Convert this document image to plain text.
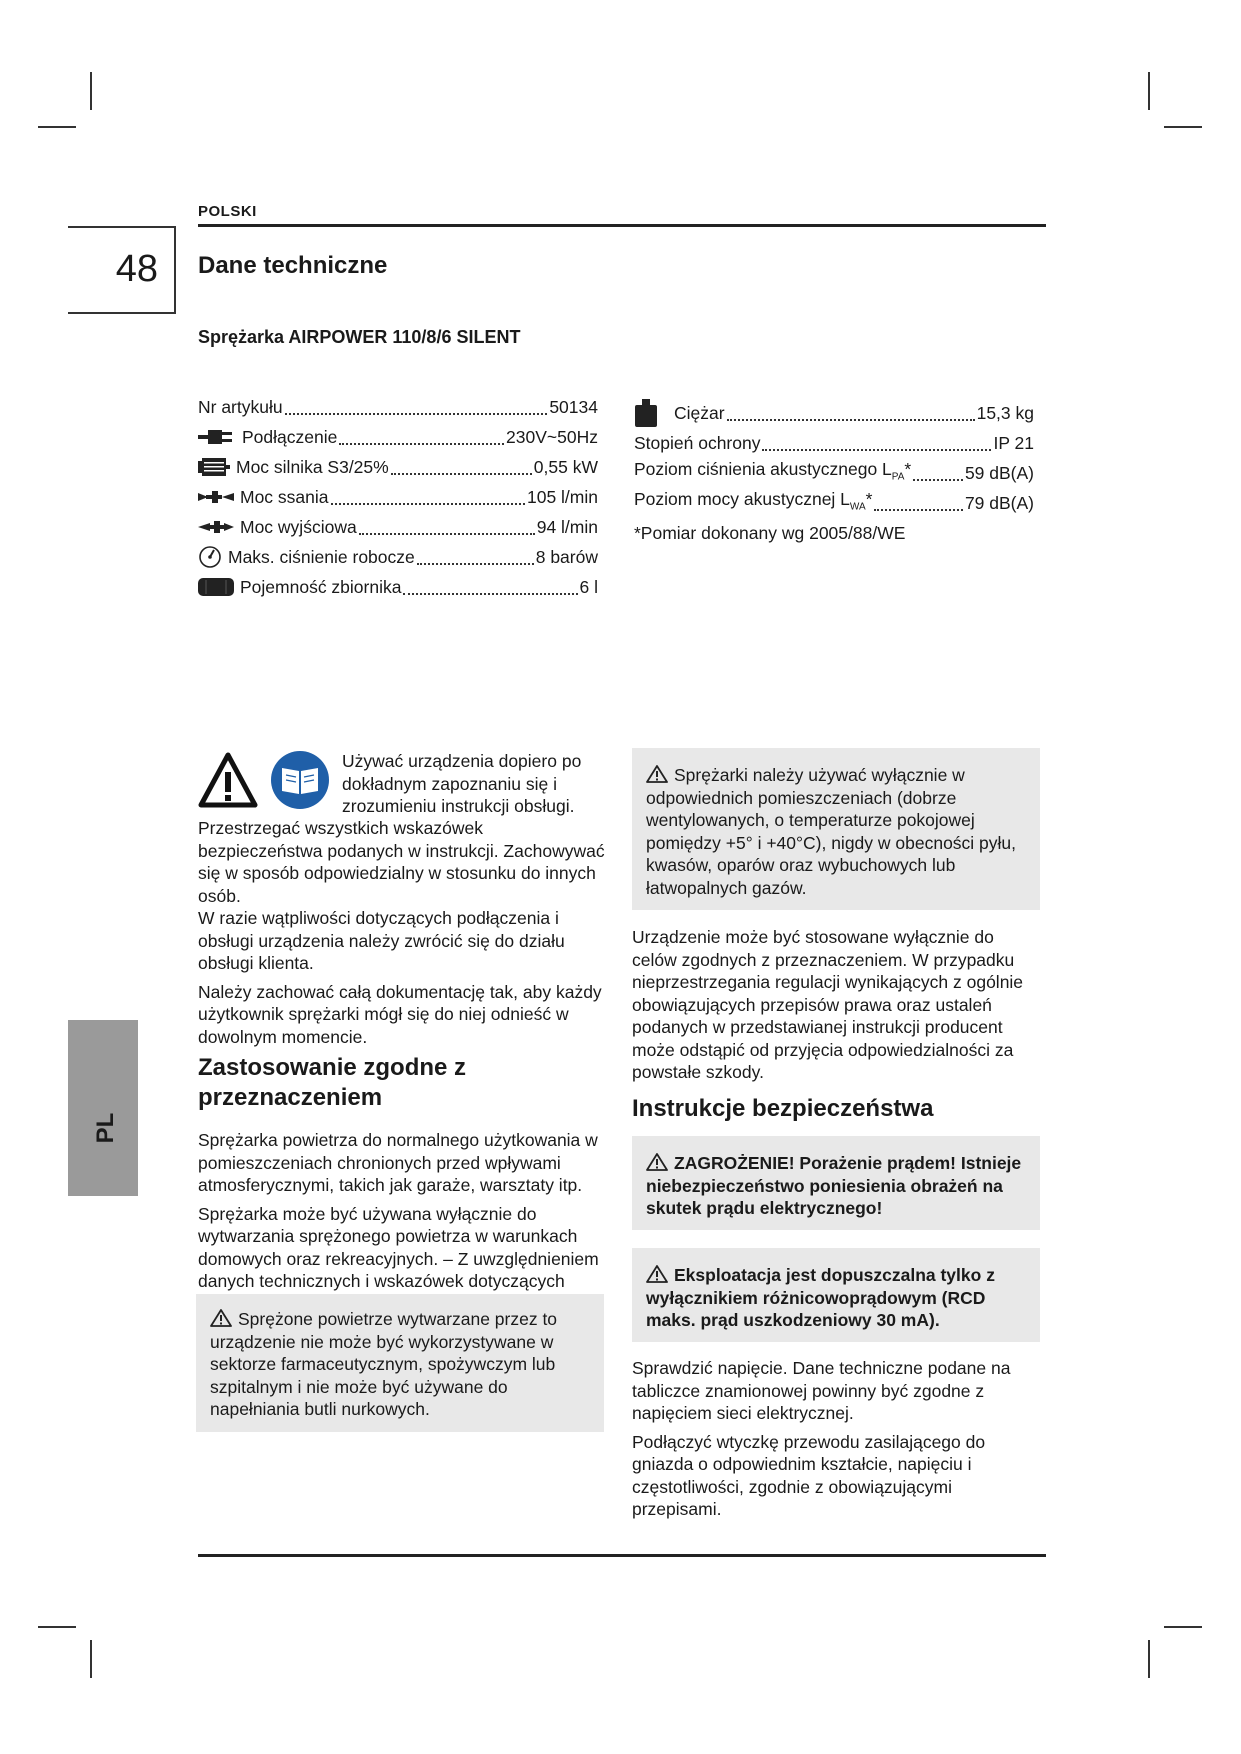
POLSKI
48 Dane techniczne
Sprężarka AIRPOWER 110/8/6 SILENT
Nr artykułu	50134
Podłączenie	230V~50Hz
Moc silnika S3/25%	0,55 kW
Moc ssania	105 l/min
Moc wyjściowa	94 l/min
Maks. ciśnienie robocze	8 barów
Pojemność zbiornika	6 l
Ciężar	15,3 kg
Stopień ochrony	IP 21
Poziom ciśnienia akustycznego $L_{PA}*$	59 dB(A)
Poziom mocy akustycznej $L_{WA}*$	79 dB(A)
*Pomiar dokonany wg 2005/88/WE
Używać urządzenia dopiero po dokładnym zapoznaniu się i zrozumieniu instrukcji obsługi.

Przestrzegać wszystkich wskazówek bezpieczeństwa podanych w instrukcji. Zachowywać się w sposób odpowiedzialny w stosunku do innych osób.

W razie wątpliwości dotyczących podłączenia i obsługi urządzenia należy zwrócić się do działu obsługi klienta.

Należy zachować całą dokumentację tak, aby każdy użytkownik sprężarki mógł się do niej odnieść w dowolnym momencie.

Zastosowanie zgodne z przeznaczeniem

Sprężarka powietrza do normalnego użytkowania w pomieszczeniach chronionych przed wpływami atmosferycznymi, takich jak garaże, warsztaty itp.

Sprężarka może być używana wyłącznie do wytwarzania sprężonego powietrza w warunkach domowych oraz rekreacyjnych. – Z uwzględnieniem danych technicznych i wskazówek dotyczących

Sprężone powietrze wytwarzane przez to urządzenie nie może być wykorzystywane w sektorze farmaceutycznym, spożywczym lub szpitalnym i nie może być używane do napełniania butli nurkowych.
Sprężarki należy używać wyłącznie w odpowiednich pomieszczeniach (dobrze wentylowanych, o temperaturze pokojowej pomiędzy +5° i +40°C), nigdy w obecności pyłu, kwasów, oparów oraz wybuchowych lub łatwopalnych gazów.
Urządzenie może być stosowane wyłącznie do celów zgodnych z przeznaczeniem. W przypadku nieprzestrzegania regulacji wynikających z ogólnie obowiązujących przepisów prawa oraz ustaleń podanych w przedstawianej instrukcji producent może odstąpić od przyjęcia odpowiedzialności za powstałe szkody.
Instrukcje bezpieczeństwa
ZAGROŻENIE! Porażenie prądem! Istnieje niebezpieczeństwo poniesienia obrażeń na skutek prądu elektrycznego!
Eksploatacja jest dopuszczalna tylko z wyłącznikiem różnicowoprądowym (RCD maks. prąd uszkodzeniowy 30 mA).

Sprawdzić napięcie. Dane techniczne podane na tabliczce znamionowej powinny być zgodne z napięciem sieci elektrycznej.

Podłączyć wtyczkę przewodu zasilającego do gniazda o odpowiednim kształcie, napięciu i częstotliwości, zgodnie z obowiązującymi przepisami.

PL
